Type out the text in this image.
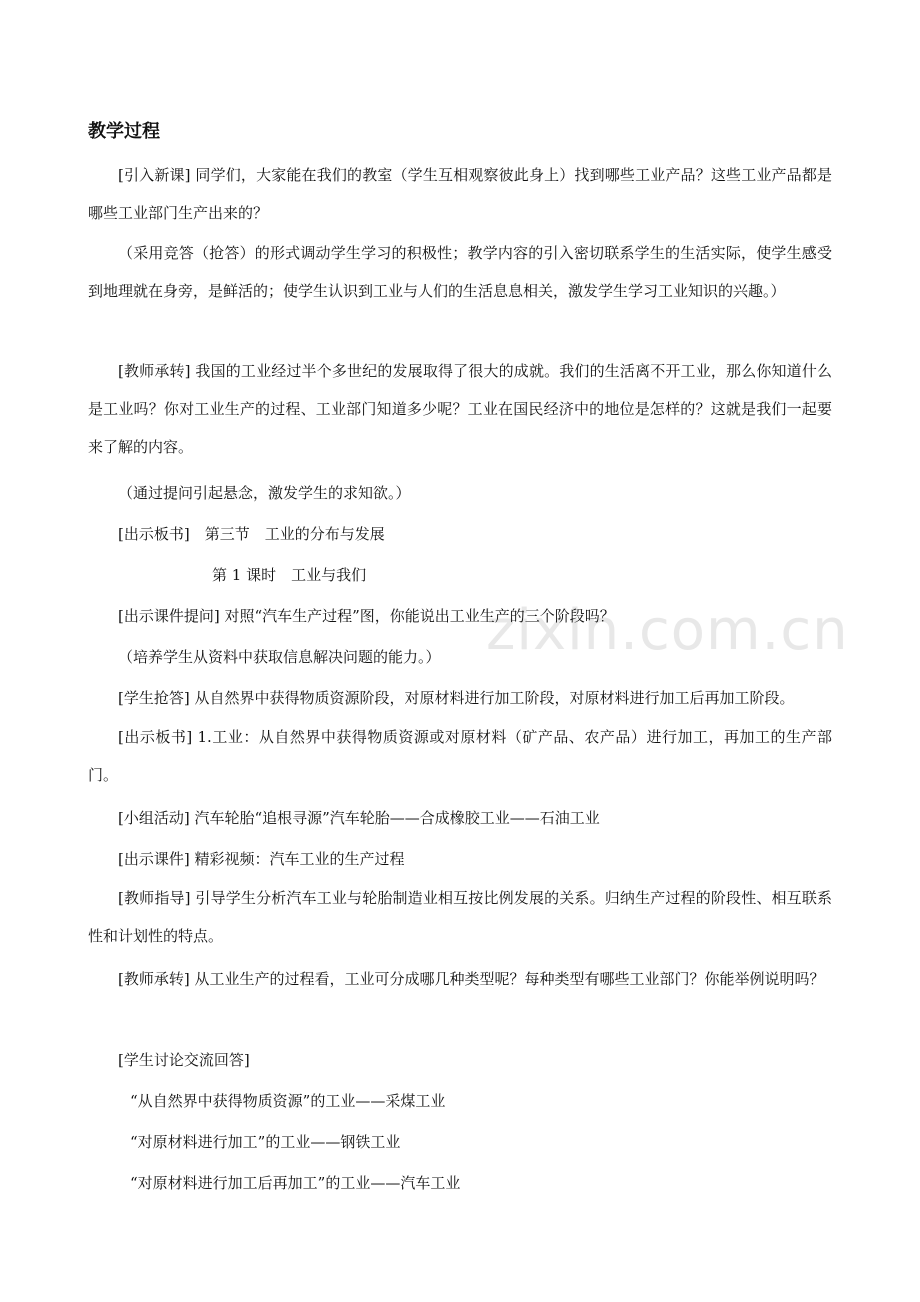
zixin.com.cn
教学过程

[引入新课] 同学们，大家能在我们的教室（学生互相观察彼此身上）找到哪些工业产品？这些工业产品都是哪些工业部门生产出来的？

（采用竞答（抢答）的形式调动学生学习的积极性；教学内容的引入密切联系学生的生活实际，使学生感受到地理就在身旁，是鲜活的；使学生认识到工业与人们的生活息息相关，激发学生学习工业知识的兴趣。）

[教师承转] 我国的工业经过半个多世纪的发展取得了很大的成就。我们的生活离不开工业，那么你知道什么是工业吗？你对工业生产的过程、工业部门知道多少呢？工业在国民经济中的地位是怎样的？这就是我们一起要来了解的内容。

（通过提问引起悬念，激发学生的求知欲。）

[出示板书]　第三节　工业的分布与发展

第 1 课时　工业与我们

[出示课件提问] 对照“汽车生产过程”图，你能说出工业生产的三个阶段吗？

（培养学生从资料中获取信息解决问题的能力。）

[学生抢答] 从自然界中获得物质资源阶段，对原材料进行加工阶段，对原材料进行加工后再加工阶段。

[出示板书] 1.工业：从自然界中获得物质资源或对原材料（矿产品、农产品）进行加工，再加工的生产部门。

[小组活动] 汽车轮胎“追根寻源”汽车轮胎——合成橡胶工业——石油工业

[出示课件] 精彩视频：汽车工业的生产过程

[教师指导] 引导学生分析汽车工业与轮胎制造业相互按比例发展的关系。归纳生产过程的阶段性、相互联系性和计划性的特点。

[教师承转] 从工业生产的过程看，工业可分成哪几种类型呢？每种类型有哪些工业部门？你能举例说明吗？

[学生讨论交流回答]

“从自然界中获得物质资源”的工业——采煤工业

“对原材料进行加工”的工业——钢铁工业

“对原材料进行加工后再加工”的工业——汽车工业
